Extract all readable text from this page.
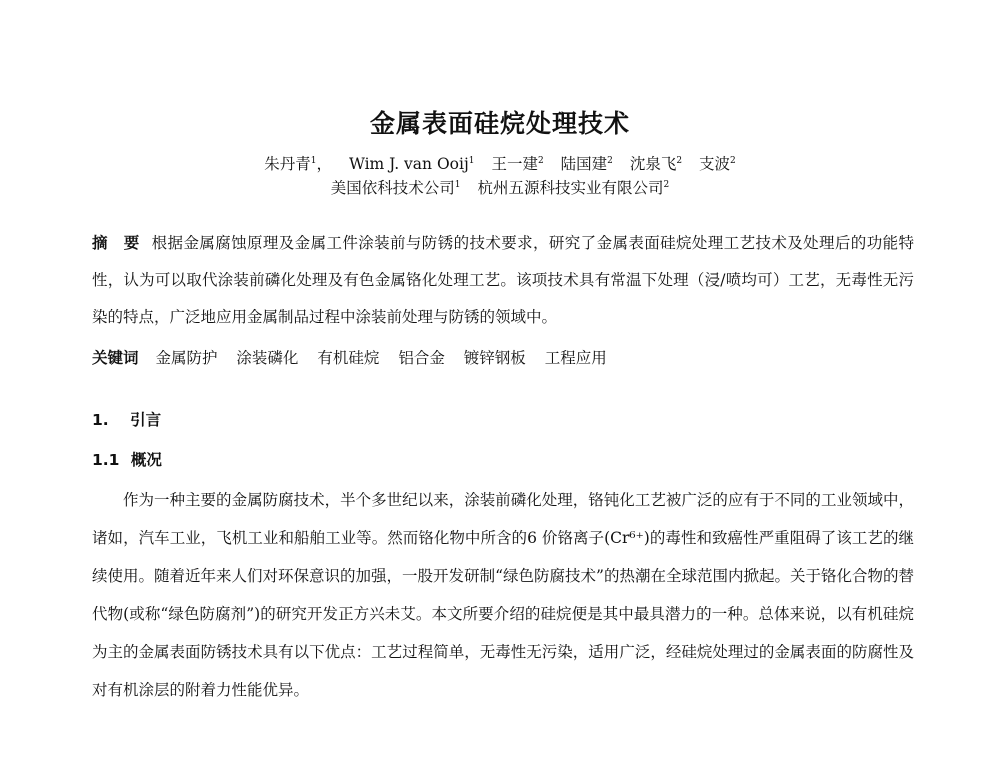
金属表面硅烷处理技术
朱丹青$^1$， Wim J. van Ooij$^1$ 王一建$^2$ 陆国建$^2$ 沈泉飞$^2$ 支波$^2$
美国依科技术公司$^1$ 杭州五源科技实业有限公司$^2$
摘　要 根据金属腐蚀原理及金属工件涂装前与防锈的技术要求，研究了金属表面硅烷处理工艺技术及处理后的功能特性，认为可以取代涂装前磷化处理及有色金属铬化处理工艺。该项技术具有常温下处理（浸/喷均可）工艺，无毒性无污染的特点，广泛地应用金属制品过程中涂装前处理与防锈的领域中。
关键词 金属防护 涂装磷化 有机硅烷 铝合金 镀锌钢板 工程应用
1. 引言
1.1 概况
作为一种主要的金属防腐技术，半个多世纪以来，涂装前磷化处理，铬钝化工艺被广泛的应有于不同的工业领域中，诸如，汽车工业，飞机工业和船舶工业等。然而铬化物中所含的6 价铬离子(Cr⁶⁺)的毒性和致癌性严重阻碍了该工艺的继续使用。随着近年来人们对环保意识的加强，一股开发研制“绿色防腐技术”的热潮在全球范围内掀起。关于铬化合物的替代物(或称“绿色防腐剂”)的研究开发正方兴未艾。本文所要介绍的硅烷便是其中最具潜力的一种。总体来说，以有机硅烷为主的金属表面防锈技术具有以下优点：工艺过程简单，无毒性无污染，适用广泛，经硅烷处理过的金属表面的防腐性及对有机涂层的附着力性能优异。
